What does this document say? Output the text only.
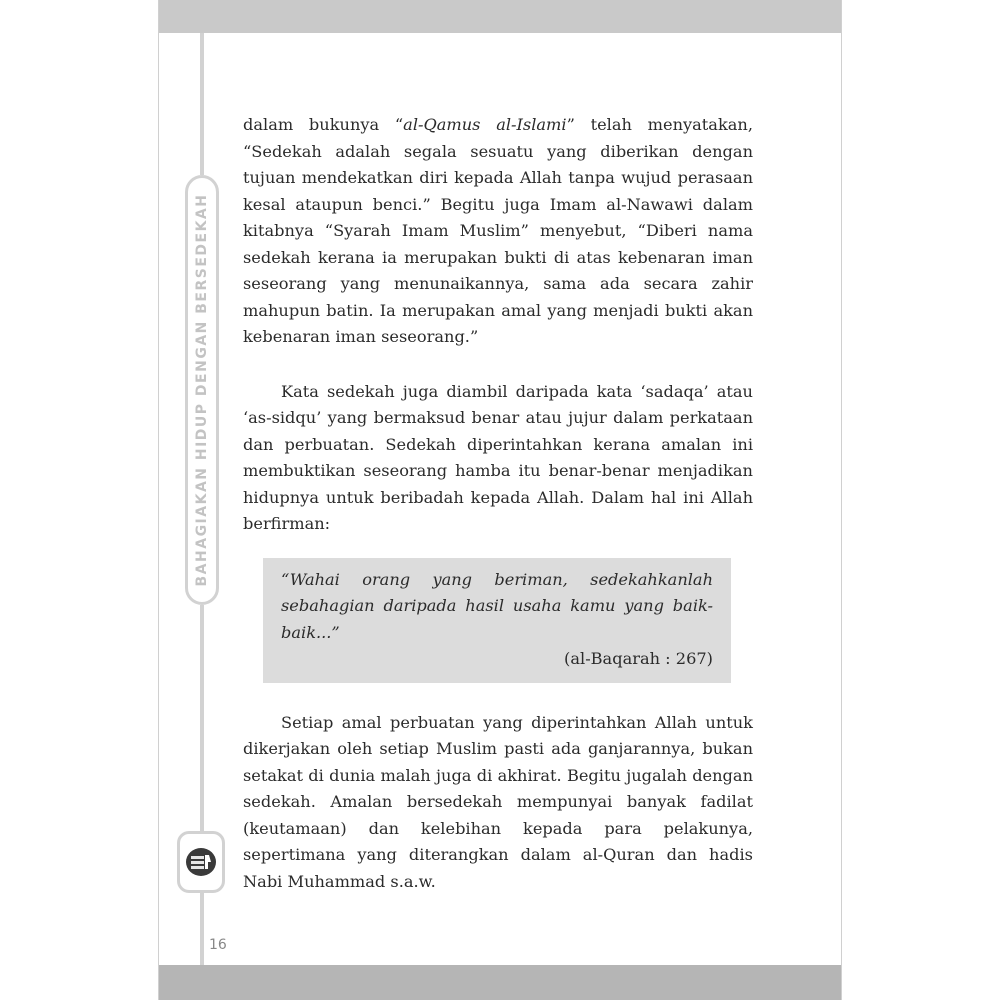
BAHAGIAKAN HIDUP DENGAN BERSEDEKAH

dalam bukunya “al-Qamus al-Islami” telah menyatakan, “Sedekah adalah segala sesuatu yang diberikan dengan tujuan mendekatkan diri kepada Allah tanpa wujud perasaan kesal ataupun benci.” Begitu juga Imam al-Nawawi dalam kitabnya “Syarah Imam Muslim” menyebut, “Diberi nama sedekah kerana ia merupakan bukti di atas kebenaran iman seseorang yang menunaikannya, sama ada secara zahir mahupun batin. Ia merupakan amal yang menjadi bukti akan kebenaran iman seseorang.”

Kata sedekah juga diambil daripada kata ‘sadaqa’ atau ‘as-sidqu’ yang bermaksud benar atau jujur dalam perkataan dan perbuatan. Sedekah diperintahkan kerana amalan ini membuktikan seseorang hamba itu benar-benar menjadikan hidupnya untuk beribadah kepada Allah. Dalam hal ini Allah berfirman:

“Wahai orang yang beriman, sedekahkanlah sebahagian daripada hasil usaha kamu yang baik-baik...”

(al-Baqarah : 267)

Setiap amal perbuatan yang diperintahkan Allah untuk dikerjakan oleh setiap Muslim pasti ada ganjarannya, bukan setakat di dunia malah juga di akhirat. Begitu jugalah dengan sedekah. Amalan bersedekah mempunyai banyak fadilat (keutamaan) dan kelebihan kepada para pelakunya, sepertimana yang diterangkan dalam al-Quran dan hadis Nabi Muhammad s.a.w.

16
